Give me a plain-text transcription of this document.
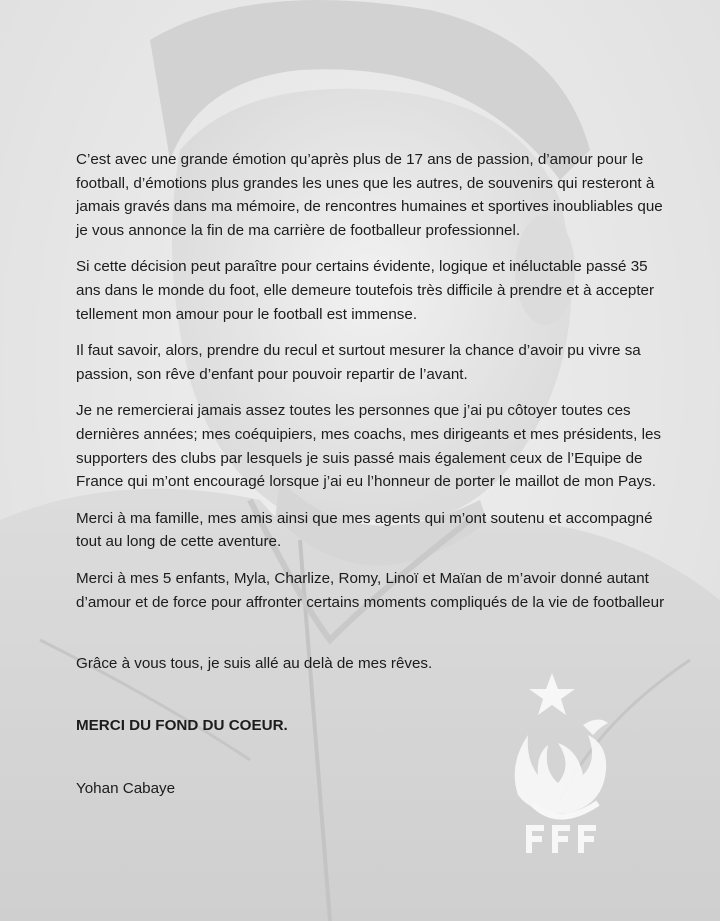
C’est avec une grande émotion qu’après plus de 17 ans de passion, d’amour pour le football, d’émotions plus grandes les unes que les autres, de souvenirs qui resteront à jamais gravés dans ma mémoire, de rencontres humaines et sportives inoubliables que je vous annonce la fin de ma carrière de footballeur professionnel.

Si cette décision peut paraître pour certains évidente, logique et inéluctable passé 35 ans dans le monde du foot, elle demeure toutefois très difficile à prendre et à accepter tellement mon amour pour le football est immense.

Il faut savoir, alors, prendre du recul et surtout mesurer la chance d’avoir pu vivre sa passion, son rêve d’enfant pour pouvoir repartir de l’avant.

Je ne remercierai jamais assez toutes les personnes que j’ai pu côtoyer toutes ces dernières années; mes coéquipiers, mes coachs, mes dirigeants et mes présidents, les supporters des clubs par lesquels je suis passé mais également ceux de l’Equipe de France qui m’ont encouragé lorsque j’ai eu l’honneur de porter le maillot de mon Pays.

Merci à ma famille, mes amis ainsi que mes agents qui m’ont soutenu et accompagné tout au long de cette aventure.

Merci à mes 5 enfants, Myla, Charlize, Romy, Linoï et Maïan de m’avoir donné autant d’amour et de force pour affronter certains moments compliqués de la vie de footballeur

Grâce à vous tous, je suis allé au delà de mes rêves.

MERCI DU FOND DU COEUR.

Yohan Cabaye
